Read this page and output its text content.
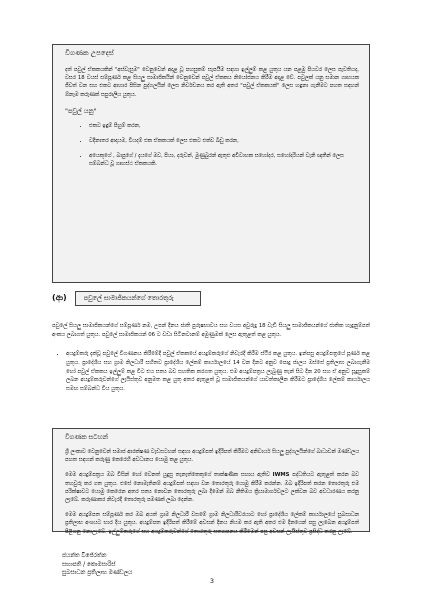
විගණක උපදෙස්

දත් පවුල් ඒකකයකින් "අස්වැසුම" වෙනුවෙන් අදාළ වූ පහසුකම් සැපයීම සඳහා ඉල්ලුම් කළ යුතුය යන පළමු පියවර ලෙස පැවතියද, වසර 18 වයස් සම්පූර්ණ කළ සියලු සාමාජිකයින් වෙනුවෙන් පවුල් ඒකකය නියෝජනය කිරීම අදාළ වේ. පවුලක් යනු සමාන ගෘහයක ජීවත් වන සහ එකට ආහාර පිසින පුද්ගලයින් ලෙස නිර්වචනය කර ඇති අතර "පවුල් ඒකකයක්" ලෙස හඳුනා ගැනීමට පහත සඳහන් ඕනෑම කරුණක් සපුරාලිය යුතුය.

"පවුල් යනු"
• එකට ඉඳුම් පිහුම් කරන,
• වදිනාතර ආදායම, වියදම් එක ඒකකයක් ලෙස එකට එක්ව ඛීඩු කරන,
• අයෙකුගේ , බාපුගේ / දැයගේ මව, පියා, දරුවන්, මුණුබුරන් ඇතුළු අවිවාහක සහෝදර, සහෝදරියන් වැනි ඥාතීන් ලෙස සම්බන්ධ වූ ගෘහස්ථ ඒකකයකි.
(ආ)	පවුලේ සාමාජිකයන්ගේ තොරතුරු

පවුලේ සියලු සාමාජිකයන්ගේ සම්පූර්ණ නම, උපන් දිනය ජාති පුරුෂභාවය සහ වයස අවුරුදු 18 වැඩි සියලු සාමාජිකයන්ගේ ජාතික හැඳුනුම්පත් අංකය ලබාගත් යුතුය. පවුලේ සාමාජිකයන් 06 ට වඩා සිටිනවානම් අමුණුමක් ලෙස ඇතුළත් කළ යුතුය.

• අයදුම්කරු දැක්වූ පවුලේ විගණනය කිරීමේදී පවුල් ඒකකයේ අයදුම්කරුගේ නිවැරදි කිරීම ස්ථිර කළ යුතුය. ඉන්පසු අයදුම්පත්‍රයේ පූර්ණ කළ යුතුය. ප්‍රාදේශීය සහ ග්‍රාම නිලධාරී සහිතව ප්‍රාදේශීය ලේකම් කාර්යාලයේ 14 වන දිනට අනුව පොදු ජාලය ඔස්සේ ප්‍රතිලාභ ලබාගැනීම හෝ පවුල් ඒකකය ඉල්ලුම් කළ විට එය සත්‍ය බව සහතික කරගත යුතුය. එම අයදුම්පත්‍රය ලැබුණු තැන් සිට දින 20 සහ ඒ අනුව සූදුසුකම් ලබන අයදුම්කරුවන්ගේ ලැයිස්තුව අනුමත කළ යුතු අතර ඇතුළත් වූ සාමාජිකයන්ගේ යාවත්කාලීන කිරීමට ප්‍රාදේශීය ලේකම් කාර්යාලය සමඟ සම්බන්ධ විය යුතුය.
විගණක සටහන්

ශ්‍රී ලංකාව වෙනුවෙන් සමාජ ආරක්ෂණ වැඩසටහන් සඳහා අයදුම්පත් ඉදිරිපත් කිරීමට අනිවාර්ය සියලු පුද්ගලයින්ගේ බාධාවන් මණ්ඩලය පහත සඳහන් කරුණු කෙරෙහි අවධානය යොමු කළ යුතුය.

මෙම අයදුම්පත්‍රය ඔබ විසින් හෝ වෙනත් යුදුසු තැනැත්තෙකුගේ තාක්ෂණික සහාය ඇතිව IWMS පද්ධතියට ඇතුළත් කරන බව තහවුරු කර ගත යුතුය. එසේ නොමැතිනම් අයදුම්පත් සඳහා වන තොරතුරු යොමු කිරීම කරන්න. ඔබ ඉදිරිපත් කරන තොරතුරු එම පරික්ෂාවට යොමු කෙරෙන අතර සත්‍ය නොවන තොරතුරු ලබා දීමෙන් ඔබ නීතිමය ක්‍රියාමාර්ගවලට ලක්වන බව අවධාරණය කරනු ලැබේ. කරුණාකර නිවැරදි තොරතුරු පමණක් ලබා දෙන්න.

මෙම අයදුම්පත සම්පූර්ණ කර ඔබ අයත් ග්‍රාම නිලධාරී වසමේ ග්‍රාම නිලධාරීවරයාට හෝ ප්‍රාදේශීය ලේකම් කාර්යාලයේ සුබසාධන ප්‍රතිලාභ අංශයට භාර දිය යුතුය. අයදුම්පත ඉදිරිපත් කිරීමේ අවසන් දිනය නියම කර ඇති අතර එම දිනයෙන් පසු ලැබෙන අයදුම්පත් පිළිගනු නොලැබේ. ඉල්ලුම්කරුගේ සහ අයදුම්කරුවන්ගේ තොරතුරු සත්‍යාපනය කිරීමෙන් පසු අවසන් ලැයිස්තුව ප්‍රසිද්ධ කරනු ලැබේ.

ජයන්ත විජේරත්න
සභාපති / කොමසාරිස්
සුබසාධන ප්‍රතිලාභ මණ්ඩලය
3
